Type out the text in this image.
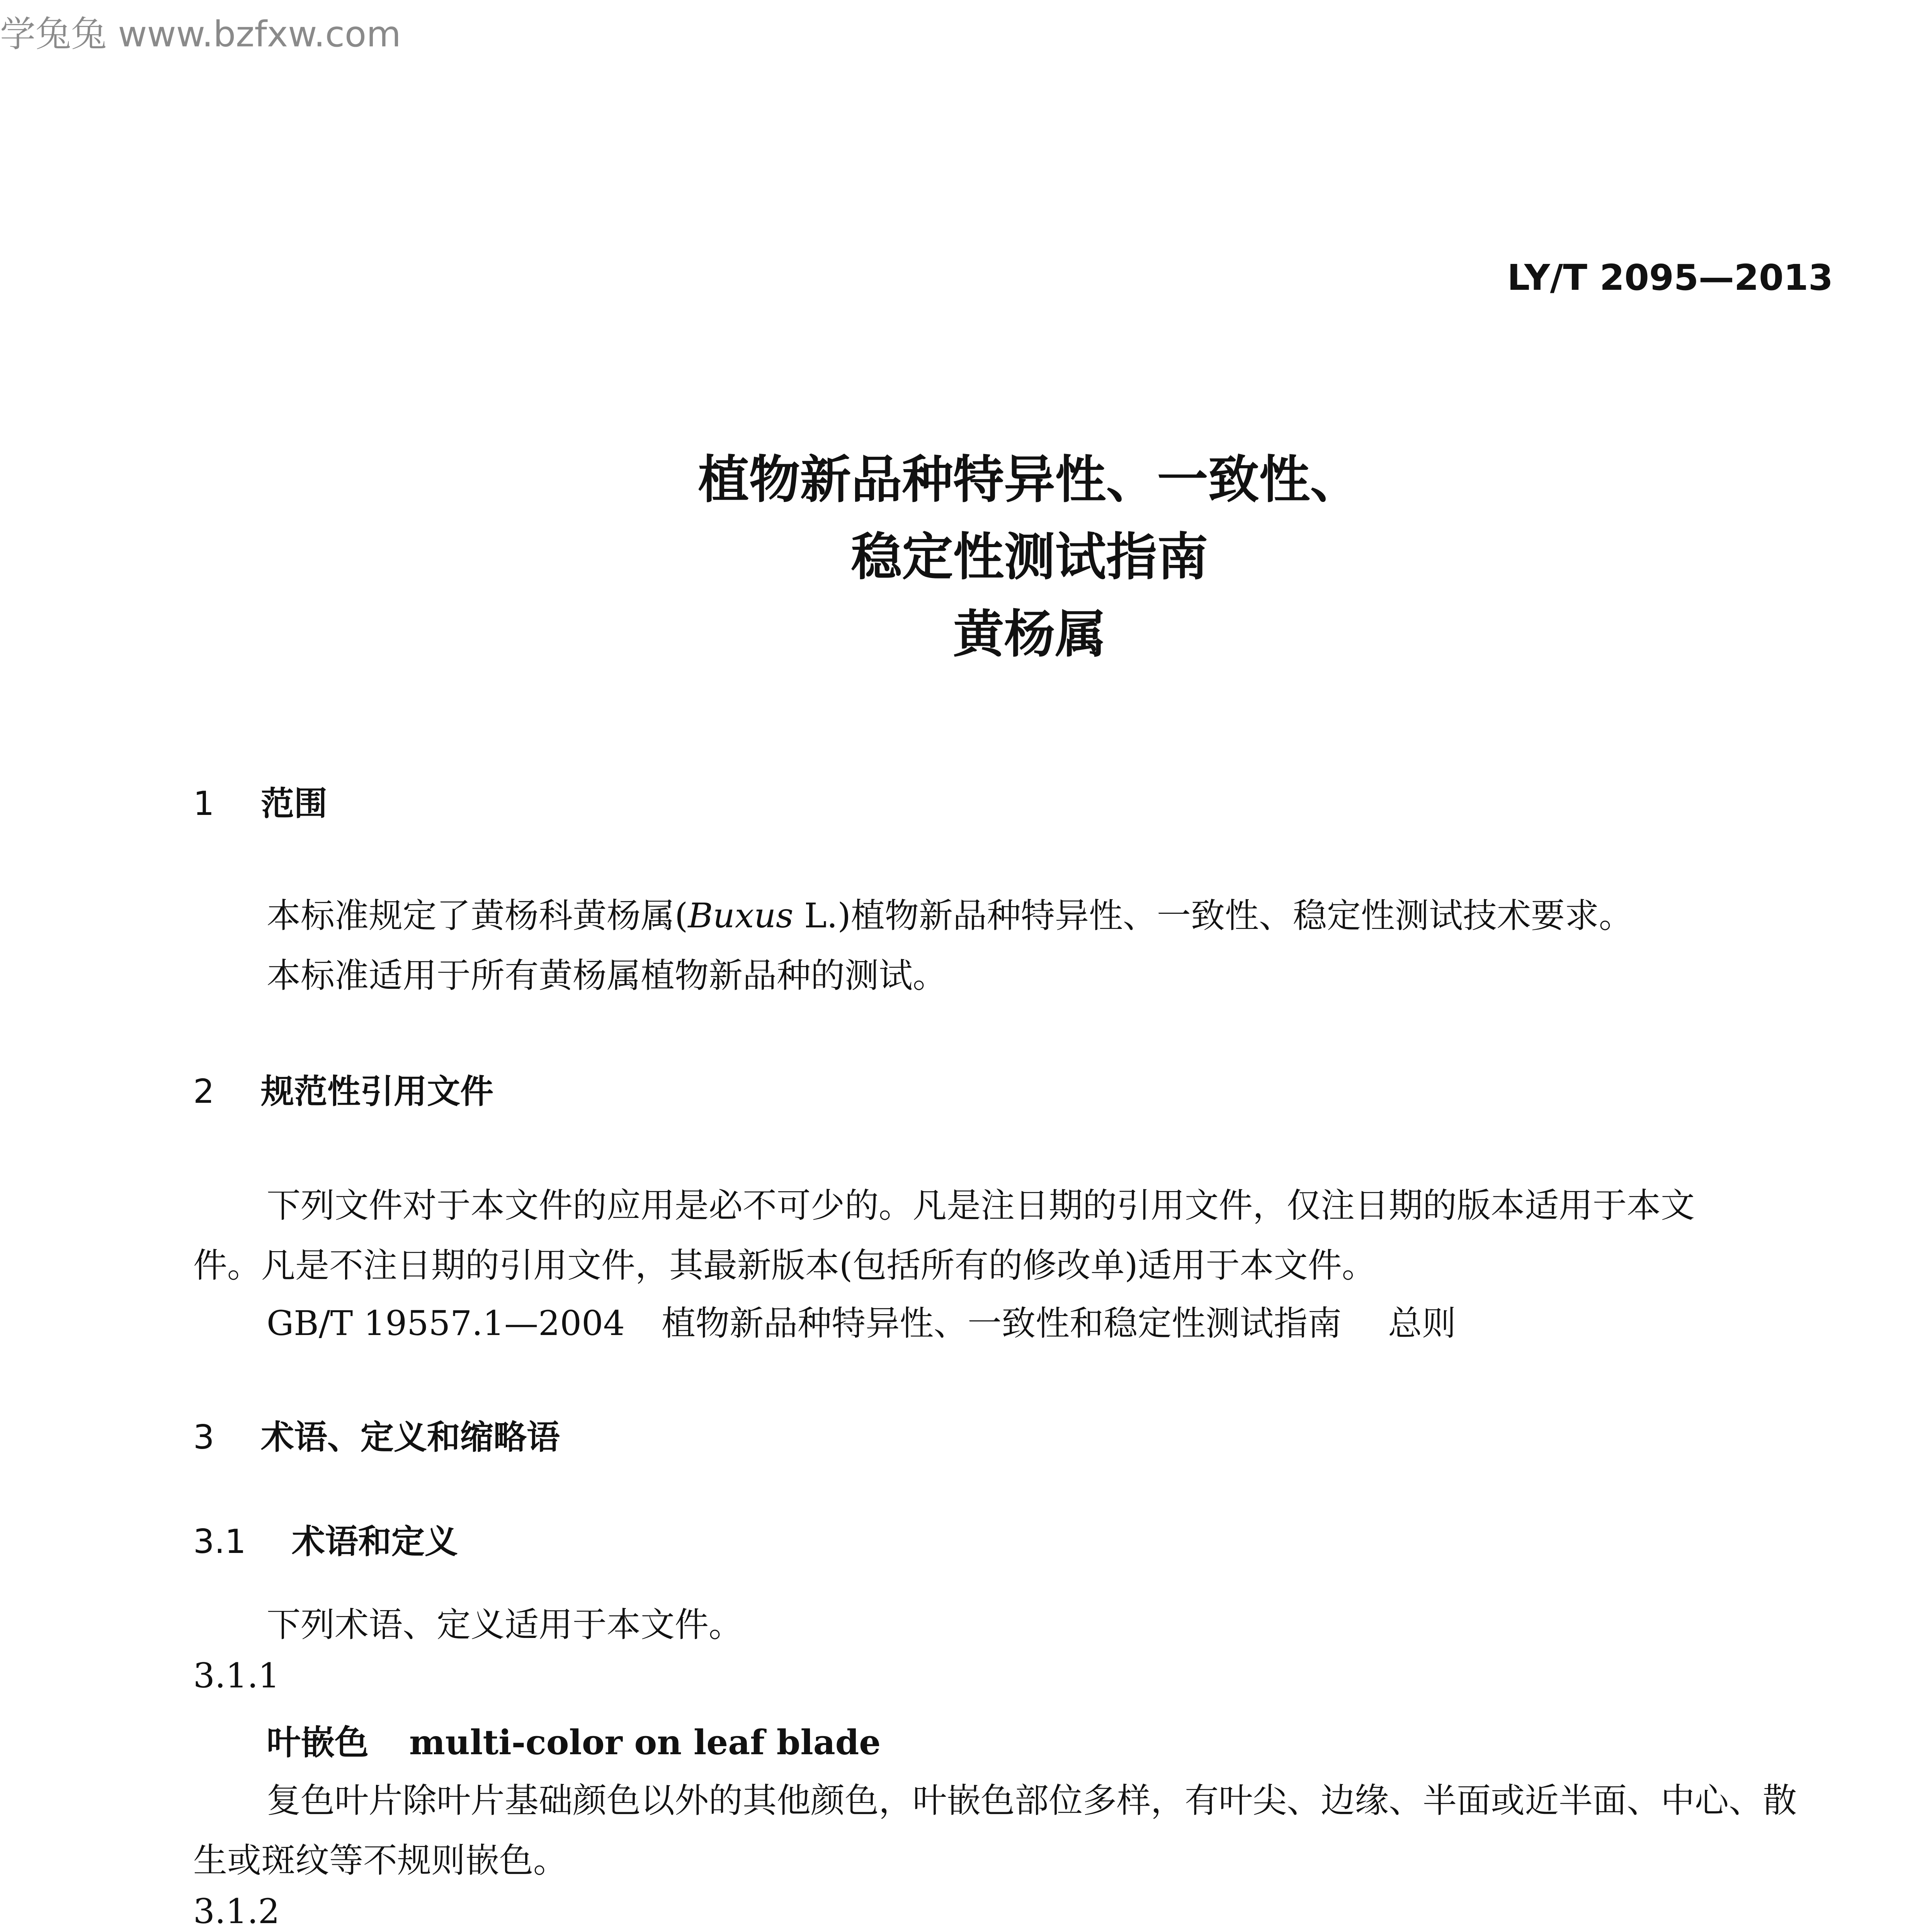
学兔兔 www.bzfxw.com
LY/T 2095—2013
植物新品种特异性、一致性、
稳定性测试指南
黄杨属
1 范围
本标准规定了黄杨科黄杨属(Buxus L.)植物新品种特异性、一致性、稳定性测试技术要求。
本标准适用于所有黄杨属植物新品种的测试。
2 规范性引用文件
下列文件对于本文件的应用是必不可少的。凡是注日期的引用文件，仅注日期的版本适用于本文
件。凡是不注日期的引用文件，其最新版本(包括所有的修改单)适用于本文件。
GB/T 19557.1—2004 植物新品种特异性、一致性和稳定性测试指南 总则
3 术语、定义和缩略语
3.1 术语和定义
下列术语、定义适用于本文件。
3.1.1
叶嵌色 multi-color on leaf blade
复色叶片除叶片基础颜色以外的其他颜色，叶嵌色部位多样，有叶尖、边缘、半面或近半面、中心、散
生或斑纹等不规则嵌色。
3.1.2
